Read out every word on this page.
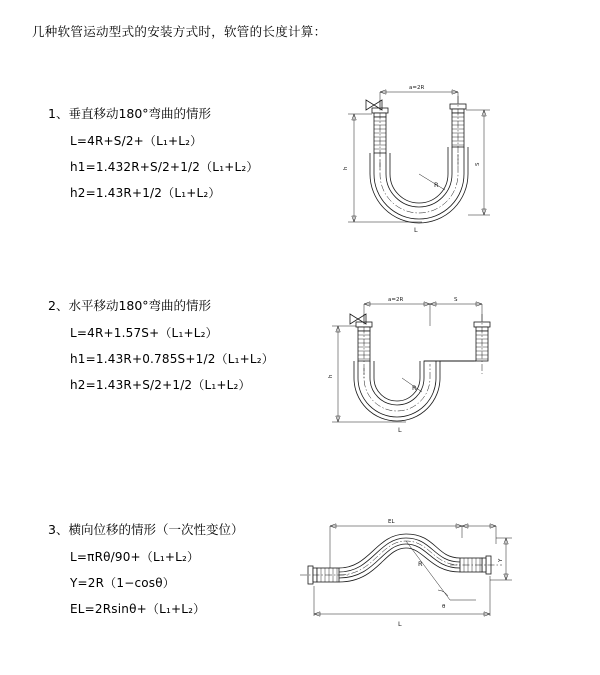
几种软管运动型式的安装方式时，软管的长度计算：
1、垂直移动180°弯曲的情形
L=4R+S/2+（L₁+L₂）
h1=1.432R+S/2+1/2（L₁+L₂）
h2=1.43R+1/2（L₁+L₂）
a=2R
R
h
S
L
2、水平移动180°弯曲的情形
L=4R+1.57S+（L₁+L₂）
h1=1.43R+0.785S+1/2（L₁+L₂）
h2=1.43R+S/2+1/2（L₁+L₂）
a=2R	S
R
h
L
3、横向位移的情形（一次性变位）
L=πRθ/90+（L₁+L₂）
Y=2R（1−cosθ）
EL=2Rsinθ+（L₁+L₂）
EL
R
θ
Y
L
